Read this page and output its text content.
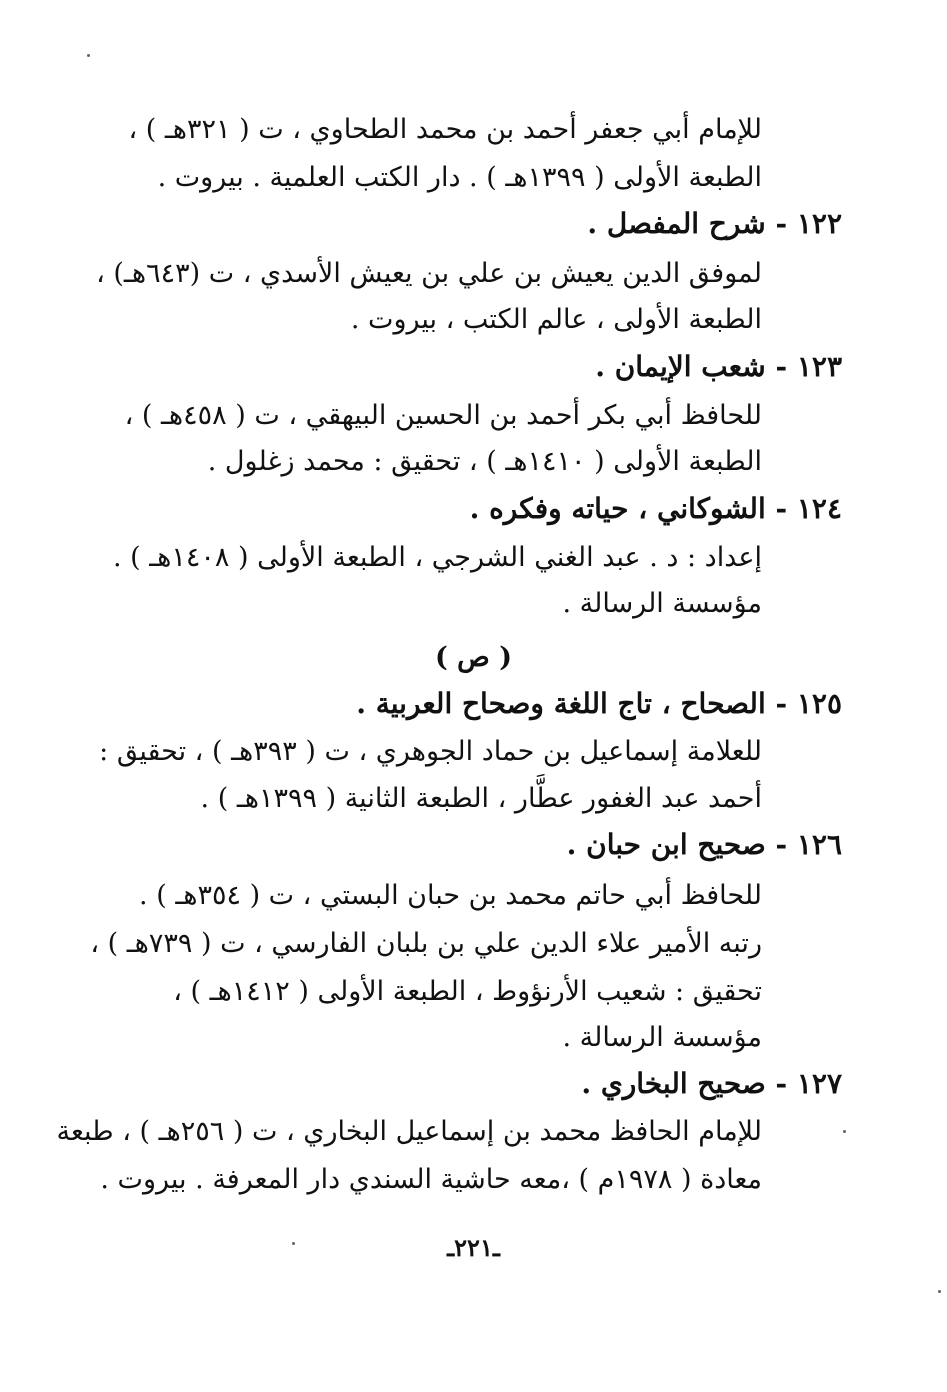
للإمام أبي جعفر أحمد بن محمد الطحاوي ، ت ( ٣٢١هـ ) ،
الطبعة الأولى ( ١٣٩٩هـ ) . دار الكتب العلمية . بيروت .
١٢٢ - شرح المفصل .
لموفق الدين يعيش بن علي بن يعيش الأسدي ، ت (٦٤٣هـ) ،
الطبعة الأولى ، عالم الكتب ، بيروت .
١٢٣ - شعب الإيمان .
للحافظ أبي بكر أحمد بن الحسين البيهقي ، ت ( ٤٥٨هـ ) ،
الطبعة الأولى ( ١٤١٠هـ ) ، تحقيق : محمد زغلول .
١٢٤ - الشوكاني ، حياته وفكره .
إعداد : د . عبد الغني الشرجي ، الطبعة الأولى ( ١٤٠٨هـ ) .
مؤسسة الرسالة .
( ص )
١٢٥ - الصحاح ، تاج اللغة وصحاح العربية .
للعلامة إسماعيل بن حماد الجوهري ، ت ( ٣٩٣هـ ) ، تحقيق :
أحمد عبد الغفور عطَّار ، الطبعة الثانية ( ١٣٩٩هـ ) .
١٢٦ - صحيح ابن حبان .
للحافظ أبي حاتم محمد بن حبان البستي ، ت ( ٣٥٤هـ ) .
رتبه الأمير علاء الدين علي بن بلبان الفارسي ، ت ( ٧٣٩هـ ) ،
تحقيق : شعيب الأرنؤوط ، الطبعة الأولى ( ١٤١٢هـ ) ،
مؤسسة الرسالة .
١٢٧ - صحيح البخاري .
للإمام الحافظ محمد بن إسماعيل البخاري ، ت ( ٢٥٦هـ ) ، طبعة
معادة ( ١٩٧٨م ) ،معه حاشية السندي دار المعرفة . بيروت .
ـ٢٢١ـ
